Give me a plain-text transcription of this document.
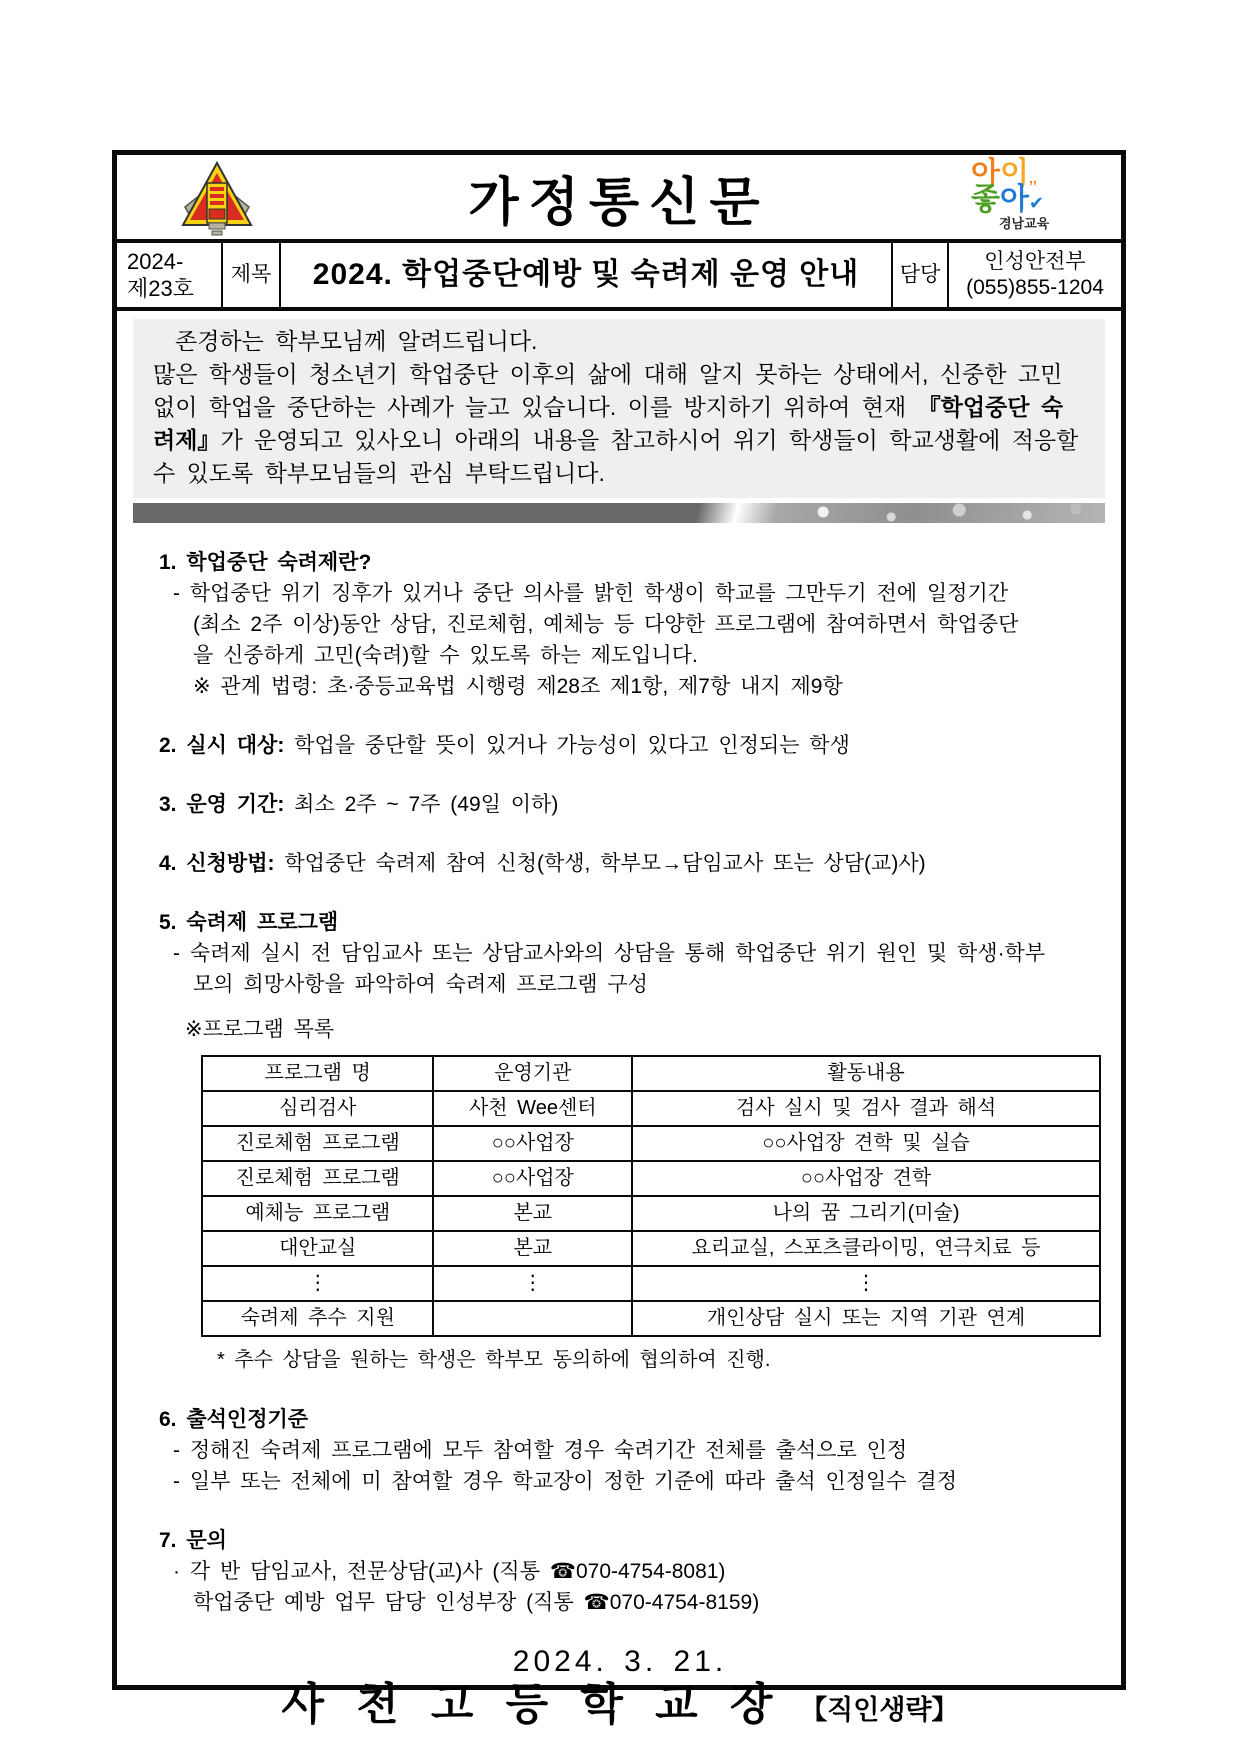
가정통신문	아이,,
좋아✔
경남교육
2024-
제23호
제목 2024. 학업중단예방 및 숙려제 운영 안내 담당
인성안전부
(055)855-1204
존경하는 학부모님께 알려드립니다.
많은 학생들이 청소년기 학업중단 이후의 삶에 대해 알지 못하는 상태에서, 신중한 고민 없이 학업을 중단하는 사례가 늘고 있습니다. 이를 방지하기 위하여 현재 『학업중단 숙려제』가 운영되고 있사오니 아래의 내용을 참고하시어 위기 학생들이 학교생활에 적응할 수 있도록 학부모님들의 관심 부탁드립니다.
1. 학업중단 숙려제란?
- 학업중단 위기 징후가 있거나 중단 의사를 밝힌 학생이 학교를 그만두기 전에 일정기간
(최소 2주 이상)동안 상담, 진로체험, 예체능 등 다양한 프로그램에 참여하면서 학업중단
을 신중하게 고민(숙려)할 수 있도록 하는 제도입니다.
※ 관계 법령: 초·중등교육법 시행령 제28조 제1항, 제7항 내지 제9항
2. 실시 대상: 학업을 중단할 뜻이 있거나 가능성이 있다고 인정되는 학생
3. 운영 기간: 최소 2주 ~ 7주 (49일 이하)
4. 신청방법: 학업중단 숙려제 참여 신청(학생, 학부모→담임교사 또는 상담(교)사)
5. 숙려제 프로그램
- 숙려제 실시 전 담임교사 또는 상담교사와의 상담을 통해 학업중단 위기 원인 및 학생·학부
모의 희망사항을 파악하여 숙려제 프로그램 구성
※프로그램 목록
프로그램 명	운영기관	활동내용
심리검사	사천 Wee센터	검사 실시 및 검사 결과 해석
진로체험 프로그램	○○사업장	○○사업장 견학 및 실습
진로체험 프로그램	○○사업장	○○사업장 견학
예체능 프로그램	본교	나의 꿈 그리기(미술)
대안교실	본교	요리교실, 스포츠클라이밍, 연극치료 등
⋮	⋮	⋮
숙려제 추수 지원		개인상담 실시 또는 지역 기관 연계
* 추수 상담을 원하는 학생은 학부모 동의하에 협의하여 진행.
6. 출석인정기준
- 정해진 숙려제 프로그램에 모두 참여할 경우 숙려기간 전체를 출석으로 인정
- 일부 또는 전체에 미 참여할 경우 학교장이 정한 기준에 따라 출석 인정일수 결정
7. 문의
· 각 반 담임교사, 전문상담(교)사 (직통 ☎070-4754-8081)
학업중단 예방 업무 담당 인성부장 (직통 ☎070-4754-8159)
2024. 3. 21.
사 천 고 등 학 교 장 【직인생략】
